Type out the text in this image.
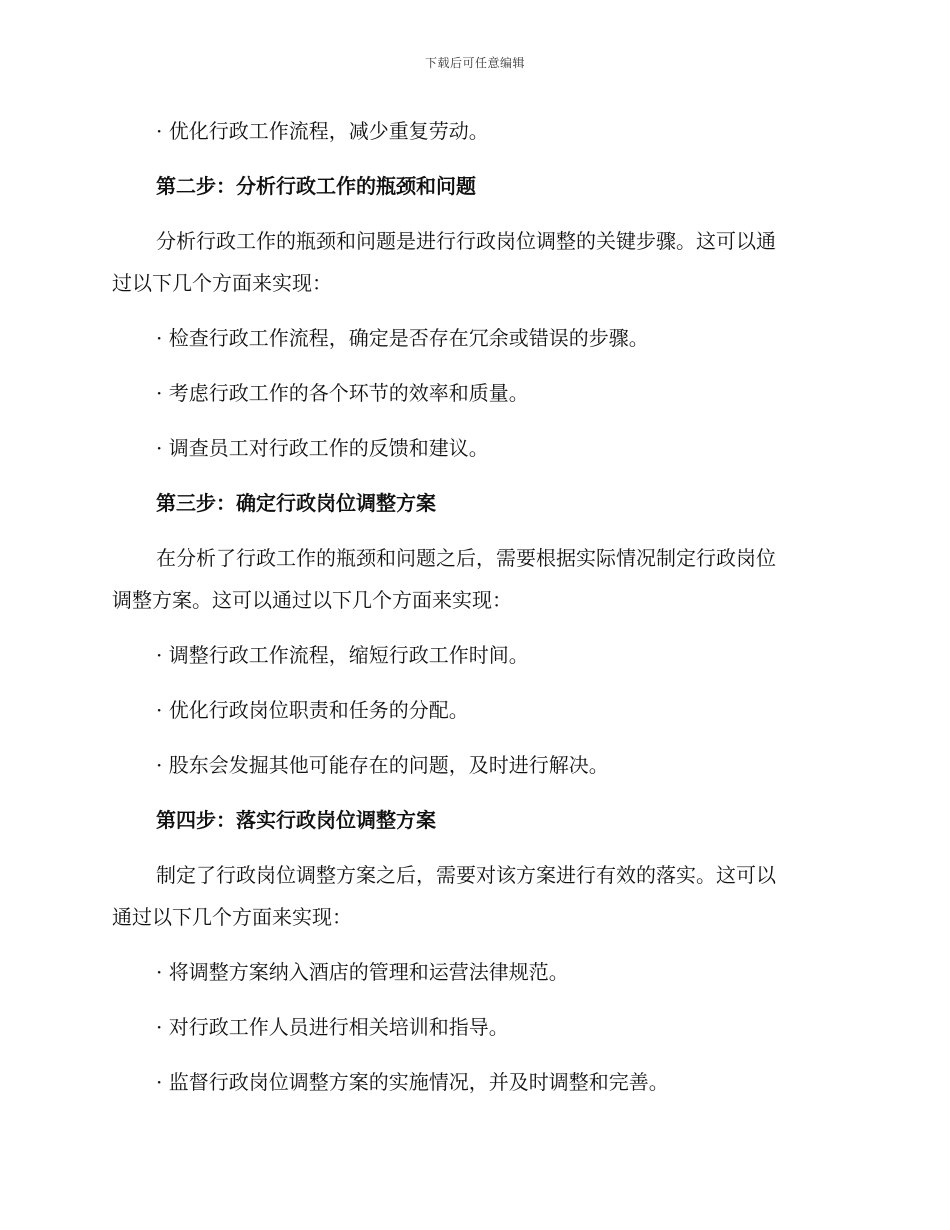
下载后可任意编辑
· 优化行政工作流程，减少重复劳动。
第二步：分析行政工作的瓶颈和问题
分析行政工作的瓶颈和问题是进行行政岗位调整的关键步骤。这可以通
过以下几个方面来实现：
· 检查行政工作流程，确定是否存在冗余或错误的步骤。
· 考虑行政工作的各个环节的效率和质量。
· 调查员工对行政工作的反馈和建议。
第三步：确定行政岗位调整方案
在分析了行政工作的瓶颈和问题之后，需要根据实际情况制定行政岗位
调整方案。这可以通过以下几个方面来实现：
· 调整行政工作流程，缩短行政工作时间。
· 优化行政岗位职责和任务的分配。
· 股东会发掘其他可能存在的问题，及时进行解决。
第四步：落实行政岗位调整方案
制定了行政岗位调整方案之后，需要对该方案进行有效的落实。这可以
通过以下几个方面来实现：
· 将调整方案纳入酒店的管理和运营法律规范。
· 对行政工作人员进行相关培训和指导。
· 监督行政岗位调整方案的实施情况，并及时调整和完善。
